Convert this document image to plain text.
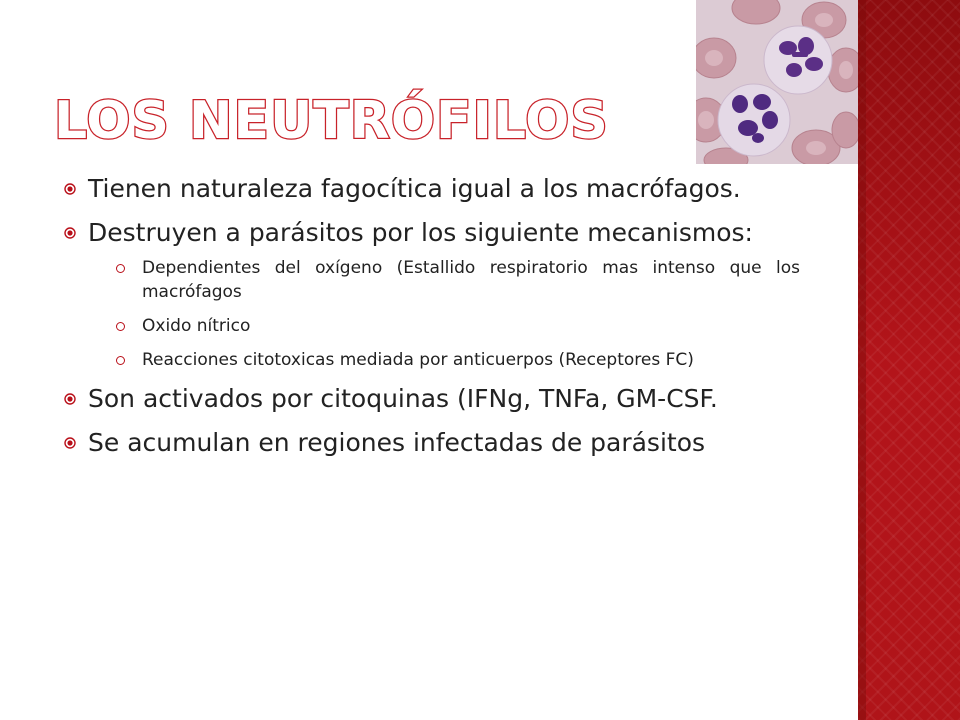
LOS NEUTRÓFILOS
Tienen naturaleza fagocítica igual a los macrófagos.
Destruyen a parásitos por los siguiente mecanismos:
Dependientes del oxígeno (Estallido respiratorio mas intenso que los macrófagos
Oxido nítrico
Reacciones citotoxicas mediada por anticuerpos (Receptores FC)
Son activados por citoquinas (IFNg, TNFa, GM-CSF.
Se acumulan en regiones infectadas de parásitos
